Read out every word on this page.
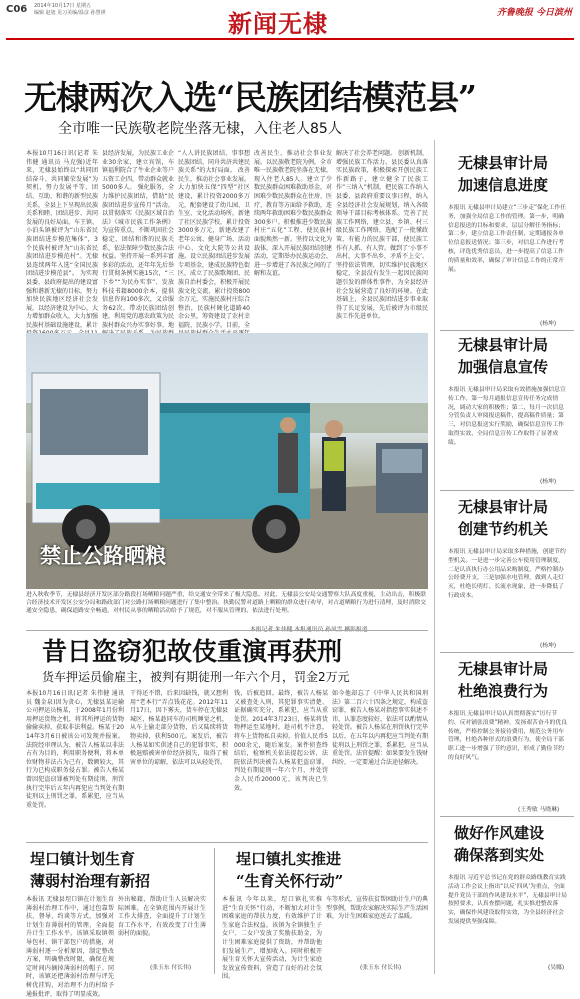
C06 2014年10月17日 星期五
编辑 赵旭 见习美编/温彦 孙慧祺	新闻无棣	齐鲁晚报 今日滨州
无棣两次入选“民族团结模范县”
全市唯一民族敬老院坐落无棣，入住老人85人
本报10月16日讯(记者 朱伟健 通讯员 马克强)近年来，无棣县始终以“共同团结奋斗、共同繁荣发展”为契机，努力发展平等、团结、互助、和谐的新型民族关系，全县上下呈现出民族关系和睦、团结进步、共同发展的良好局面。车王镇、小泊头镇被评为“山东省民族团结进步模范集体”，3个民族村被评为“山东省民族团结进步模范村”。无棣县连续两年入选“全国民族团结进步模范县”。 为实现县委、县政府提出的建设富强和谐新无棣的目标，努力加快民族地区经济社会发展，以经济建设为中心，大力增加群众收入，大力加强民族村基础设施建设，累计
县经济发展，为民族工业企业30余家，建立宾馆，车镇福利院合了牛业企业等户五资工企四，带动群众就业5000多人。 强化服务，全力维护民族团结，借助“民族团结进步宣传月”活动，以贯彻落实《民族区域自治法》《城市民族工作条例》为宣传重点，不断巩固社会稳定、团结和谐的民族关系，依法保障少数民族合法权益。坚持开展一系列丰富多彩的活动，还年年先后举行贯彻条例实施15次，“三下乡”“为民办实事”、发放科技书籍8000余本，提供信息咨询100多次，义诊服务62次，带动民族团结创建，利用党的惠农政策为民族村群众兴办实事好事，地
“人人讲民族团结、事事想民族团结、同舟共济共建民族关系”的大好局面。 改善民生，推动社会事业发展。大力加快五保“四型”社区建设，累计投资2000多万元，配套建设了幼儿园、卫生室、文化活动场所，新建了社区民族学校，累计投资3000多万元，新建改建了老年公寓、健身广场、活动中心、文化大院等公共设施。设立民族团结进步发展专项基金，建成民族特色街区，成立了民族歌舞团、民族自治村委会，积极开展民族文化交流，累计投资800余万元，实施民族村庄综合整治，民族村硬化道路40余公里，筹资建设了农村幸福院、民族小学。目前，全
改善民生，推动社会事业发展。以民族敬老院为例，全市唯一民族敬老院坐落在无棣，现入住老人85人。建立了少数民族群众困难救助基金，对困难少数民族群众在住房、医疗、教育等方面给予救助，连续两年救助困难少数民族群众300多户。积极推进少数民族村庄“五化”工程，使民族村面貌焕然一新。坚持以文化为载体，深入开展民族团结创建活动，定期举办民族运动会，进一步增进了各民族之间的了解和友谊。
解决了社会养老问题。 创新机制，增强民族工作活力。县民委认真落实民族政策，积极探索开创民族工作新路子，建立健全了民族工作“三纳入”机制，把民族工作纳入县委、县政府重要议事日程，纳入全县经济社会发展规划，纳入各级领导干部目标考核体系。完善了民族工作网络，建立县、乡镇、村三级民族工作网络，选配了一批懂政策、有能力的民族干部，使民族工作有人抓、有人管。做到了‘小事不出村，大事不出乡，矛盾不上交’。坚持依法管理，切实维护民族地区稳定，全县没有发生一起因民族问题引发的群体性事件，为全县经济社会发展营造了良好的环境。在此基础上，全县民族团结进步事业取得了长足发展，先后被评为市级民族工作先进单位。
禁止公路晒粮
进入秋收季节，无棣县经济开发区部分路段打场晒粮问题严重，给交通安全带来了极大隐患。对此，无棣县公安局交通警察大队高度重视，主动出击，积极联合经济技术开发区公安分局和路政部门对公路打场晒粮问题进行了集中整治。执勤民警对道路上晒粮的群众进行劝导，对占道晒粮行为进行清理，及时消除交通安全隐患，确保道路安全畅通，对村民从事的晒粮活动给予了规范，对不服从管理的，依法进行处理。
昔日盗窃犯故伎重演再获刑
货车押运员偷雇主，被判有期徒刑一年六个月，罚金2万元
本报10月16日讯(记者 朱伟健 通讯员 魏金泉)因为贪心，无棣县某运输公司押运员杨某，于2008年1月份利用押运货物之机，将其所押运的货物偷偷卖掉，获取非法利益。杨某于2014年3月6日被该公司发现并报案。法院经审理认为，被告人杨某以非法占有为目的，利用职务便利，将本单位财物非法占为己有，数额较大，其行为已构成职务侵占罪。被告人杨某曾因犯盗窃罪被判处有期徒刑，刑罚执行完毕后五年内再犯应当判处有期徒刑以上刑罚之罪，系累犯，应当从重处罚。
干得还不错，后来因缺钱，就又想利用“老本行”弄点钱花花。2012年11月17日，因下雾天，货车停在无棣县城区，杨某趁同车的司机睡觉之机，从车上偷走部分货物，后又陆续将货物卖掉，获利500元。案发后，被告人杨某如实供述自己的犯罪事实，积极退赔被害单位经济损失，取得了被害单位的谅解，依法可以从轻处罚。
钱，后被追回。最终，被告人杨某又被查处入刑，其犯罪事实清楚、证据确实充分，系累犯，应当从重处罚。2014年3月23日，杨某将货物押运至某地时，趁司机不注意，将车上货物私自卖掉，价值人民币5000余元，随后案发。案件侦查终结后，检察机关依法提起公诉，法院依法判决被告人杨某犯盗窃罪，判处有期徒刑一年六个月，并处罚金人民币20000元，该判决已生效。
如今他却忘了《中华人民共和国刑法》第二百六十四条之规定，构成盗窃罪，被告人杨某对指控事实供述不讳，认罪态度较好，依法可以酌情从轻处罚。被告人杨某在刑罚执行完毕以后，在五年以内再犯应当判处有期徒刑以上刑罚之罪，系累犯，应当从重处罚。法官提醒：如果要发生钱财纠纷，一定要通过合法途径解决。
埕口镇计划生育
薄弱村治理有新招
本报讯 无棣县埕口镇在计划生育薄弱村治理工作中，通过包靠帮扶、督导、约谈等方式，加强对计划生育薄弱村的管理，全面提升计生工作水平。该镇采取镇领导包村、镇干部包户的措施，对薄弱村逐一分析原因，制定整改方案，明确整改时限，确保在规定时间内摘掉薄弱村的帽子。同时，该镇还把薄弱村治理与评先树优挂钩，对治理不力的村给予通报批评，取得了明显成效。
外出秘籍，帮助计生人员解决实际困难，在全镇范围内开展计生工作大排查，全面提升了计划生育工作水平，有效改变了计生薄弱村的面貌。
(张玉东 付长伟)
埕口镇扎实推进
“生育关怀行动”
本报讯 今年以来，埕口镇扎实推进“生育关怀”行动，不断加大对计生困难家庭的帮扶力度，有效维护了计生家庭合法权益。该镇为全镇独生子女户、二女户发放了奖励扶助金，为计生困难家庭提供了资助，并帮助他们发展生产，增加收入。同时积极开展生育关怀大宣传活动，为计生家庭发放宣传资料，营造了良好的社会氛围。
车等形式，宣传扶贫帮困助计生户的典型事例，帮助农家解决实际生产生活困难，为计生困难家庭送去了温暖。
(张玉东 付长伟)
无棣县审计局
加速信息进度
本报讯 无棣县审计局建立“三步走”保化工作任务，加强全局信息工作的管理。第一步，明确信息报送的目标和要求，层层分解任务指标；第二步，建立信息工作责任制，定期通报各单位信息报送情况；第三步，对信息工作进行考核，评选优秀信息员，进一步提高了信息工作的质量和效率，确保了审计信息工作的正常开展。
(杨坤)
无棣县审计局
加强信息宣传
本报讯 无棣县审计局采取有效措施加强信息宣传工作。第一每月通报信息宣传任务完成情况，调动大家的积极性；第二，每月一次信息分管负责人审阅报送稿件，提高稿件质量；第三，对信息报送实行奖励，确保信息宣传工作取得实效，全局信息宣传工作取得了显著成绩。
(杨坤)
无棣县审计局
创建节约机关
本报讯 无棣县审计局采取多种措施，创建节约型机关。一是进一步完善公车使用管理制度，二是认真执行办公用品采购制度，严格控制办公经费开支，三是加强水电管理，做到人走灯灭，杜绝长明灯、长流水现象，进一步降低了行政成本。
(杨坤)
无棣县审计局
杜绝浪费行为
本报讯 无棣县审计局认真贯彻落实“厉行节约、反对铺张浪费”精神，发扬艰苦奋斗的优良传统，严格控制公务接待费用，规范公务用车管理，杜绝各种形式的浪费行为，使全局干部职工进一步增强了节约意识，形成了勤俭节约的良好风气。
(王秀敏 马晓琳)
做好作风建设
确保落到实处
本报讯 习近平总书记在党的群众路线教育实践活动工作会议上指出“以反‘四风’为重点，全面提升党员干部的作风建设水平”，无棣县审计局按照要求，认真查摆问题，扎实推进整改落实，确保作风建设取得实效，为全县经济社会发展提供坚强保障。
(吴娜)
